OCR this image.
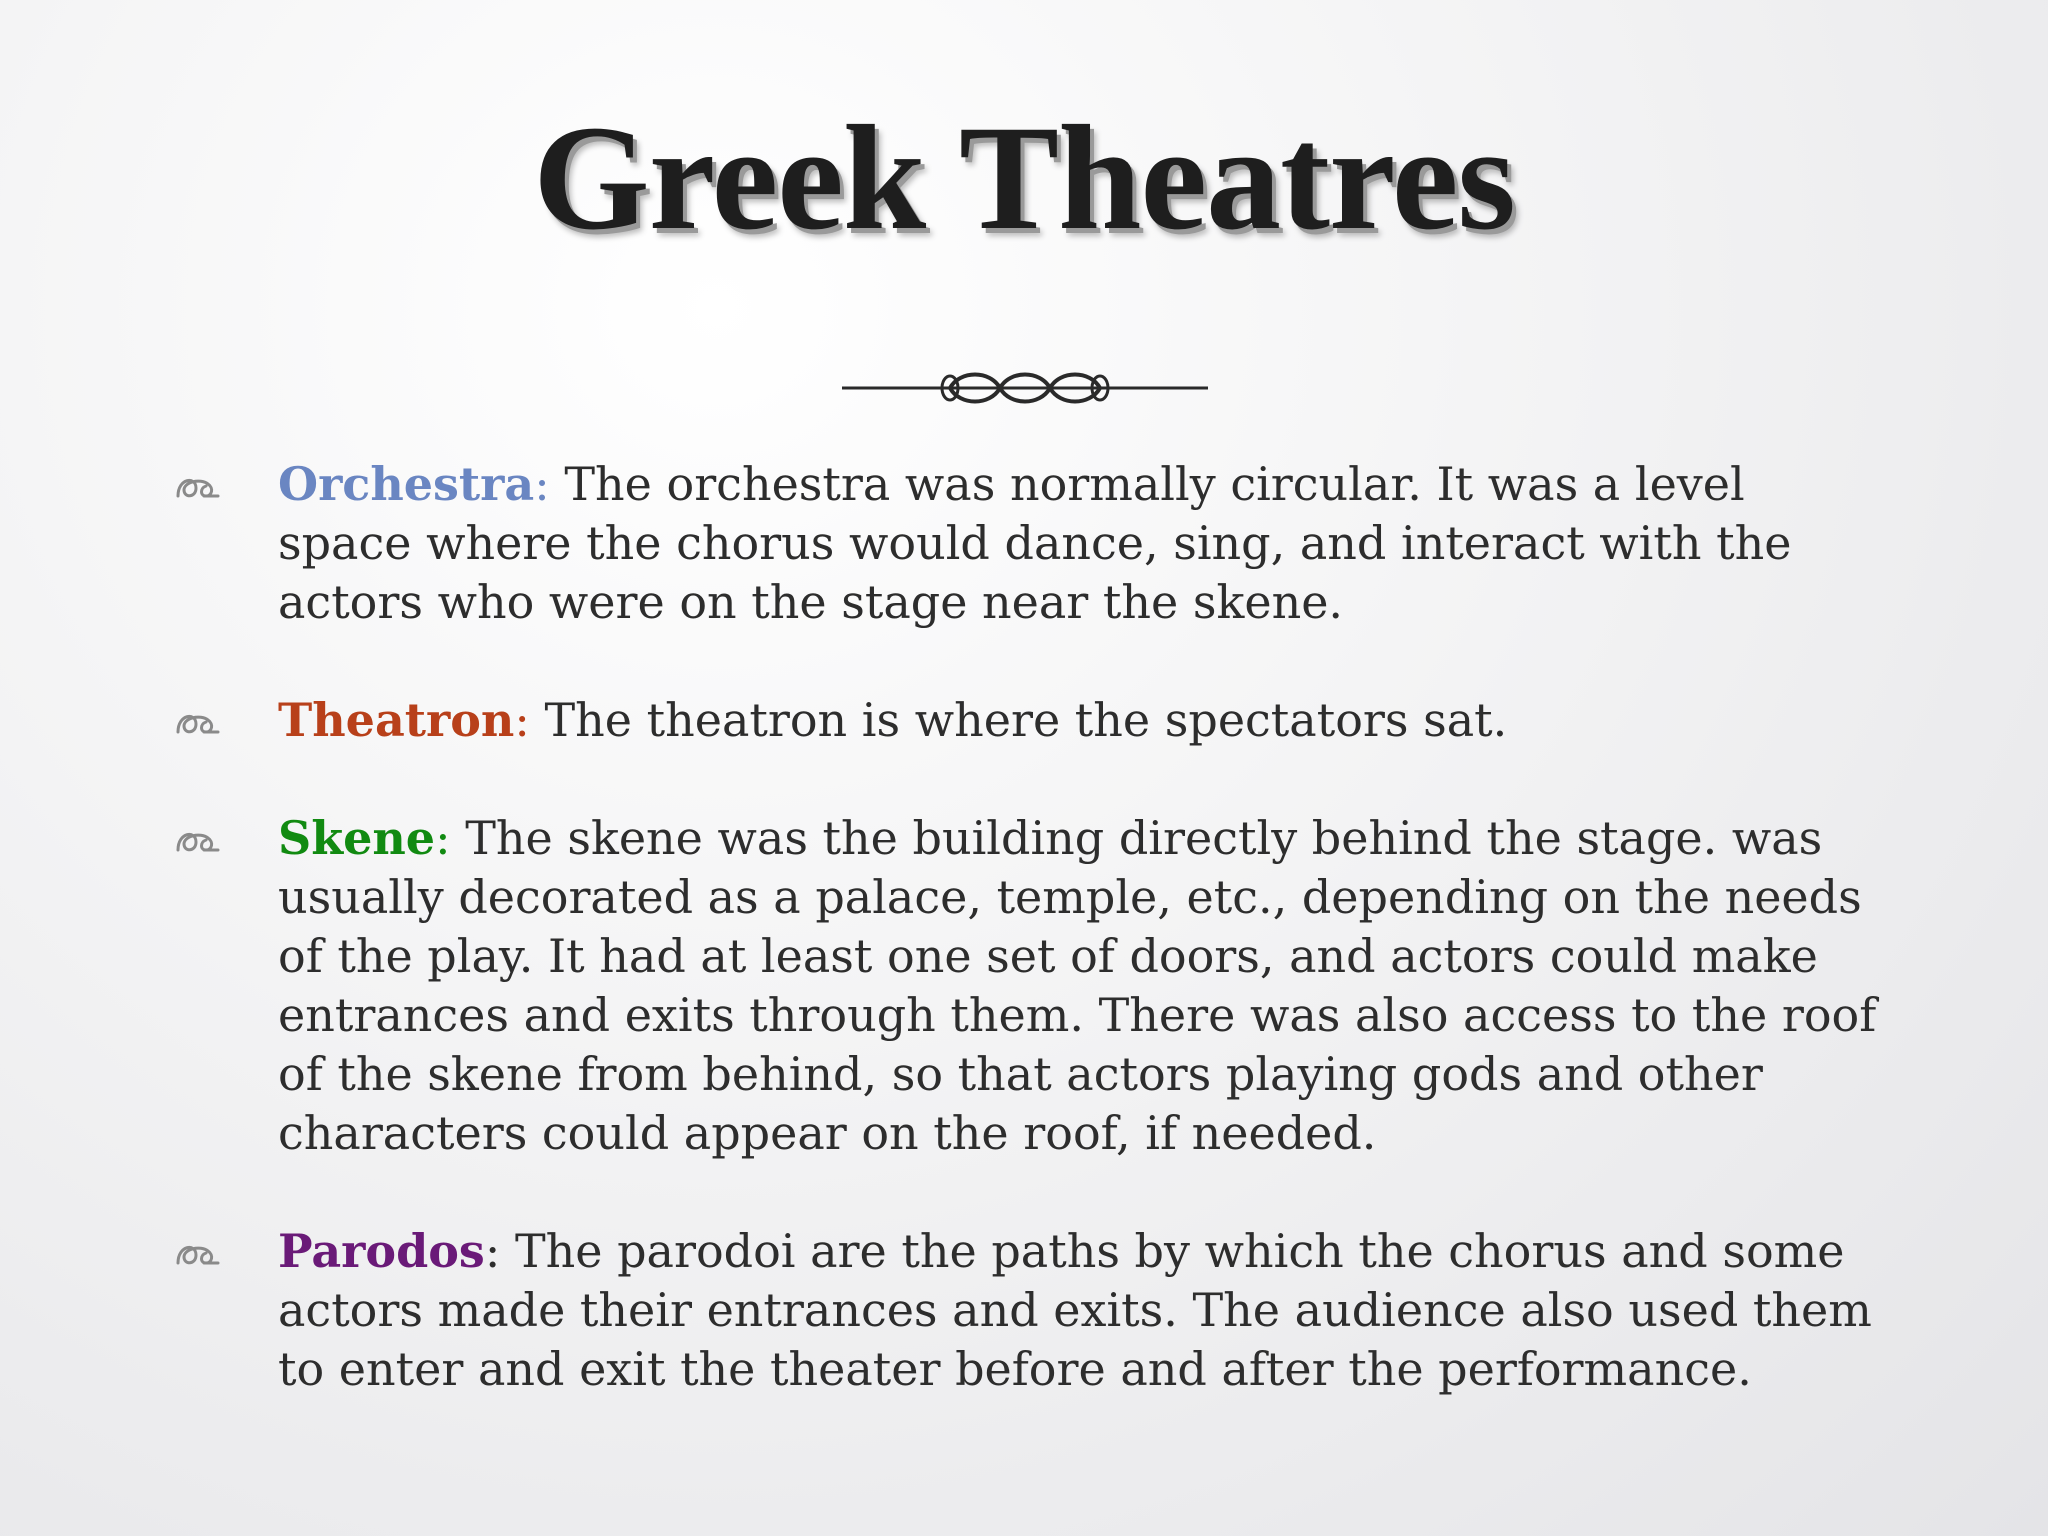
Greek Theatres
Orchestra: The orchestra was normally circular. It was a level space where the chorus would dance, sing, and interact with the actors who were on the stage near the skene.
Theatron: The theatron is where the spectators sat.
Skene: The skene was the building directly behind the stage. was usually decorated as a palace, temple, etc., depending on the needs of the play. It had at least one set of doors, and actors could make entrances and exits through them. There was also access to the roof of the skene from behind, so that actors playing gods and other characters could appear on the roof, if needed.
Parodos: The parodoi are the paths by which the chorus and some actors made their entrances and exits. The audience also used them to enter and exit the theater before and after the performance.
